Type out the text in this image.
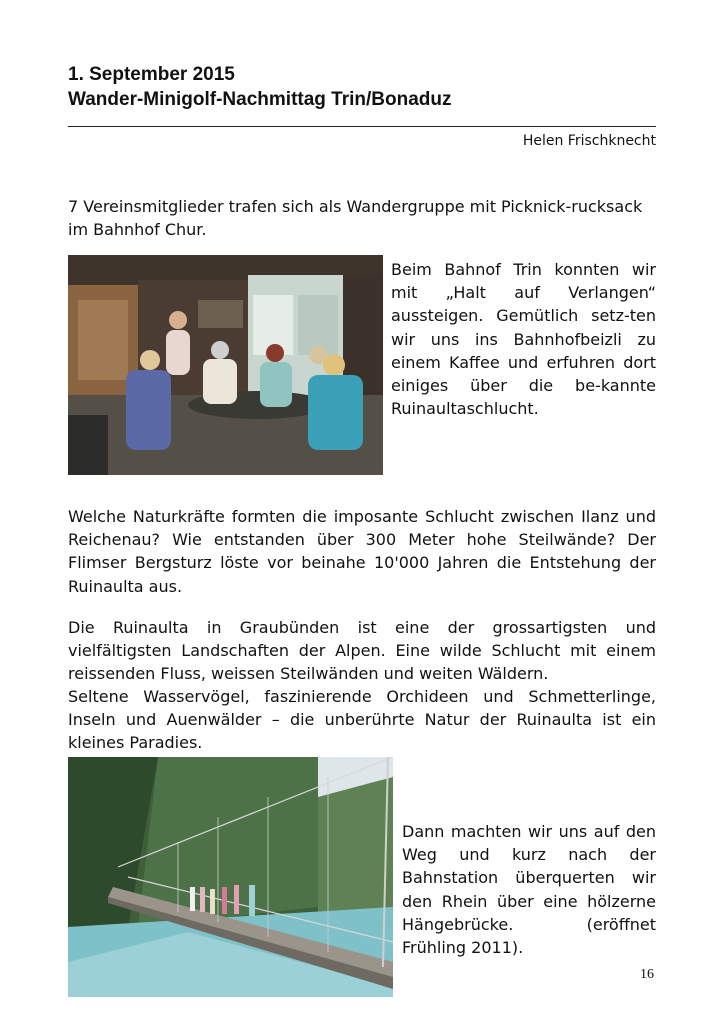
1. September 2015
Wander-Minigolf-Nachmittag Trin/Bonaduz
Helen Frischknecht

7 Vereinsmitglieder trafen sich als Wandergruppe mit Picknick-rucksack im Bahnhof Chur.

Beim Bahnof Trin konnten wir mit „Halt auf Verlangen“ aussteigen. Gemütlich setz-ten wir uns ins Bahnhofbeizli zu einem Kaffee und erfuhren dort einiges über die be-kannte Ruinaultaschlucht.

Welche Naturkräfte formten die imposante Schlucht zwischen Ilanz und Reichenau? Wie entstanden über 300 Meter hohe Steilwände? Der Flimser Bergsturz löste vor beinahe 10'000 Jahren die Entstehung der Ruinaulta aus.

Die Ruinaulta in Graubünden ist eine der grossartigsten und vielfältigsten Landschaften der Alpen. Eine wilde Schlucht mit einem reissenden Fluss, weissen Steilwänden und weiten Wäldern.

Seltene Wasservögel, faszinierende Orchideen und Schmetterlinge, Inseln und Auenwälder – die unberührte Natur der Ruinaulta ist ein kleines Paradies.

Dann machten wir uns auf den Weg und kurz nach der Bahnstation überquerten wir den Rhein über eine hölzerne Hängebrücke. (eröffnet Frühling 2011).

16
